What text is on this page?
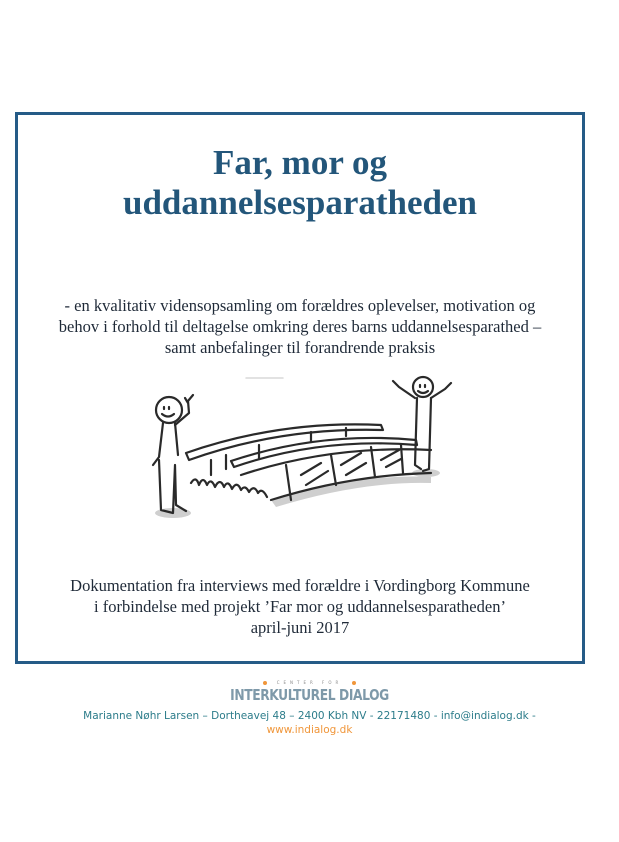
Far, mor og
uddannelsesparatheden
- en kvalitativ vidensopsamling om forældres oplevelser, motivation og
behov i forhold til deltagelse omkring deres barns uddannelsesparathed –
samt anbefalinger til forandrende praksis
Dokumentation fra interviews med forældre i Vordingborg Kommune
i forbindelse med projekt ’Far mor og uddannelsesparatheden’
april-juni 2017
CENTER FOR
INTERKULTUREL DIALOG
Marianne Nøhr Larsen – Dortheavej 48 – 2400 Kbh NV - 22171480 - info@indialog.dk -
www.indialog.dk
